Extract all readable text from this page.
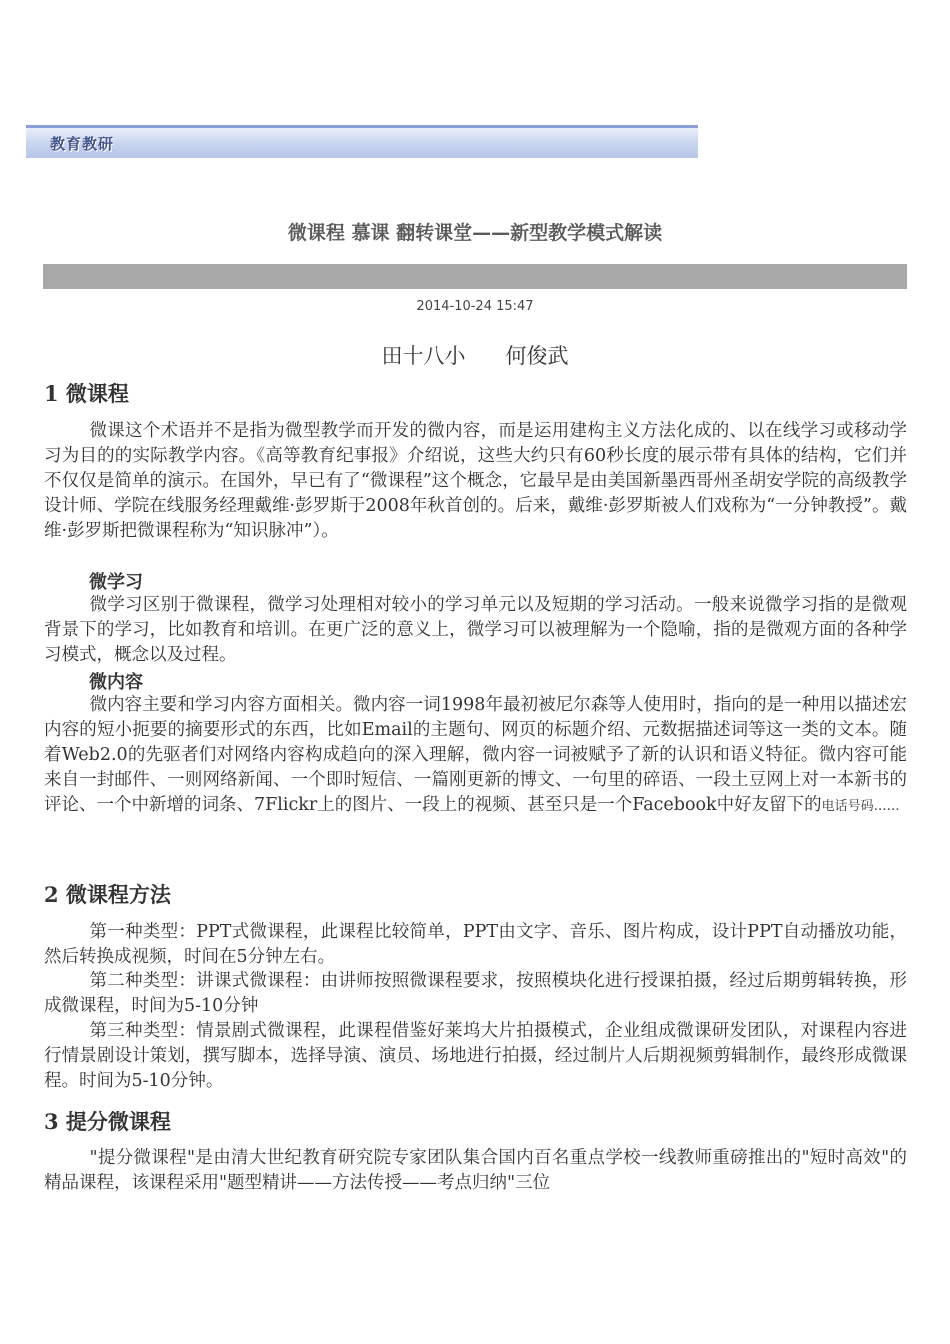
教育教研
微课程 慕课 翻转课堂——新型教学模式解读
2014-10-24 15:47
田十八小      何俊武
1 微课程
微课这个术语并不是指为微型教学而开发的微内容，而是运用建构主义方法化成的、以在线学习或移动学习为目的的实际教学内容。《高等教育纪事报》介绍说，这些大约只有60秒长度的展示带有具体的结构，它们并不仅仅是简单的演示。在国外，早已有了“微课程”这个概念，它最早是由美国新墨西哥州圣胡安学院的高级教学设计师、学院在线服务经理戴维·彭罗斯于2008年秋首创的。后来，戴维·彭罗斯被人们戏称为“一分钟教授”。戴维·彭罗斯把微课程称为“知识脉冲”）。
微学习
微学习区别于微课程，微学习处理相对较小的学习单元以及短期的学习活动。一般来说微学习指的是微观背景下的学习，比如教育和培训。在更广泛的意义上，微学习可以被理解为一个隐喻，指的是微观方面的各种学习模式，概念以及过程。
微内容
微内容主要和学习内容方面相关。微内容一词1998年最初被尼尔森等人使用时，指向的是一种用以描述宏内容的短小扼要的摘要形式的东西，比如Email的主题句、网页的标题介绍、元数据描述词等这一类的文本。随着Web2.0的先驱者们对网络内容构成趋向的深入理解，微内容一词被赋予了新的认识和语义特征。微内容可能来自一封邮件、一则网络新闻、一个即时短信、一篇刚更新的博文、一句里的碎语、一段土豆网上对一本新书的评论、一个中新增的词条、7Flickr上的图片、一段上的视频、甚至只是一个Facebook中好友留下的电话号码……
2 微课程方法
第一种类型：PPT式微课程，此课程比较简单，PPT由文字、音乐、图片构成，设计PPT自动播放功能，然后转换成视频，时间在5分钟左右。
第二种类型：讲课式微课程：由讲师按照微课程要求，按照模块化进行授课拍摄，经过后期剪辑转换，形成微课程，时间为5-10分钟
第三种类型：情景剧式微课程，此课程借鉴好莱坞大片拍摄模式，企业组成微课研发团队，对课程内容进行情景剧设计策划，撰写脚本，选择导演、演员、场地进行拍摄，经过制片人后期视频剪辑制作，最终形成微课程。时间为5-10分钟。
3 提分微课程
"提分微课程"是由清大世纪教育研究院专家团队集合国内百名重点学校一线教师重磅推出的"短时高效"的精品课程，该课程采用"题型精讲——方法传授——考点归纳"三位
